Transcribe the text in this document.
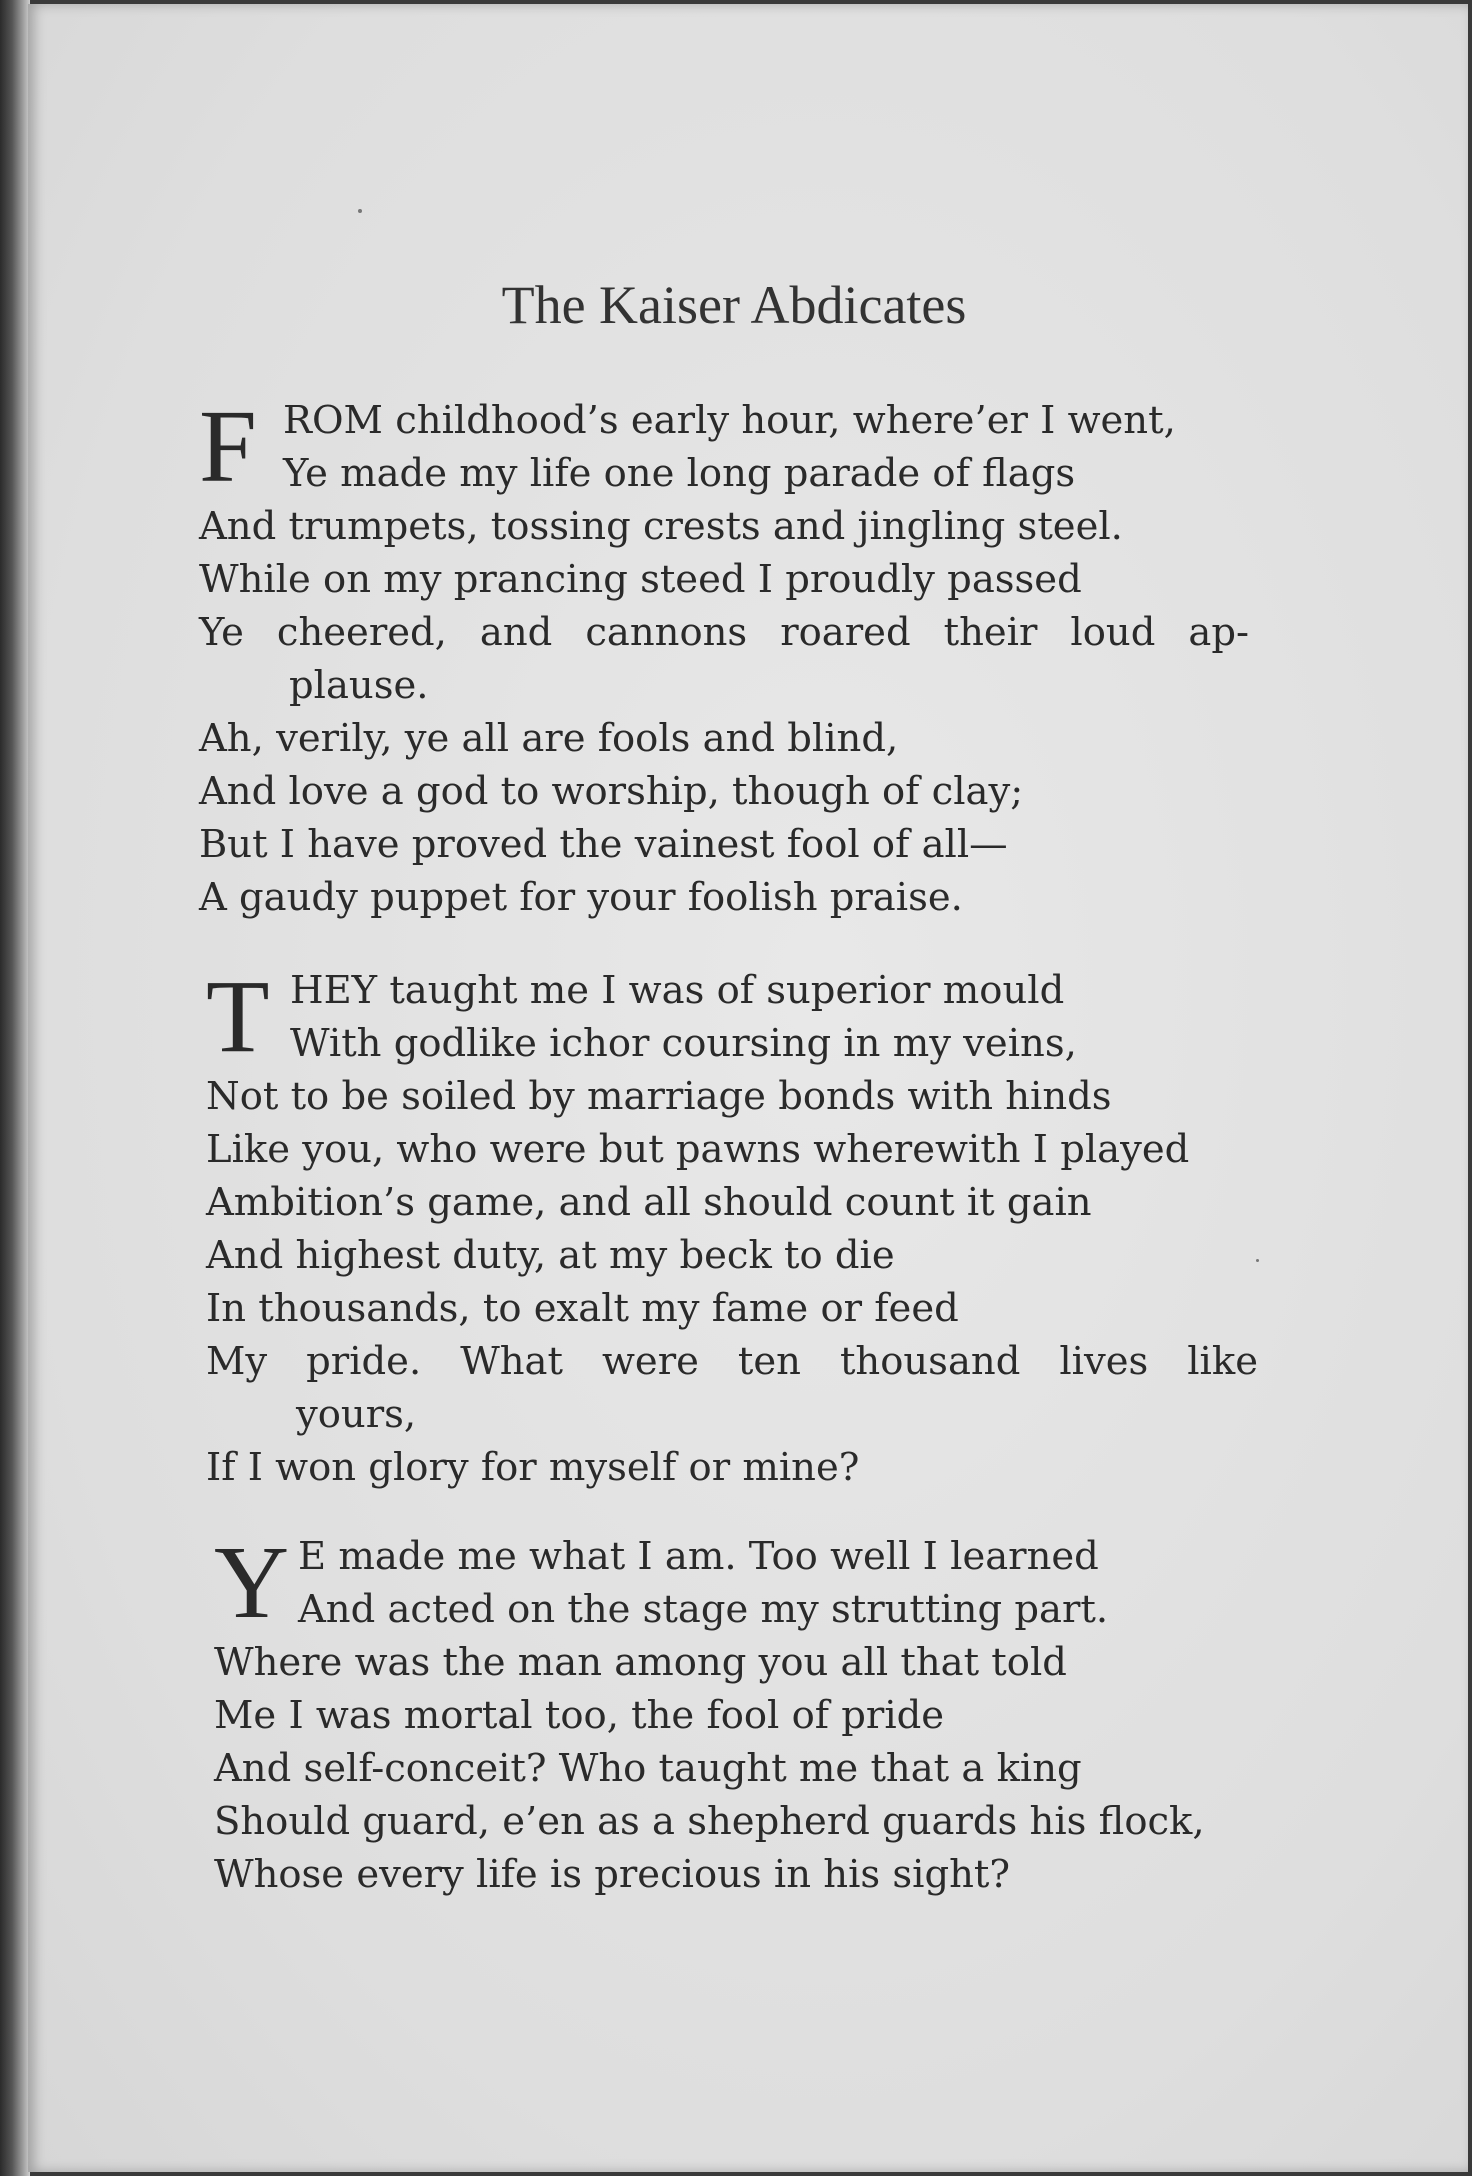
The Kaiser Abdicates
F ROM childhood’s early hour, where’er I went,
Ye made my life one long parade of flags
And trumpets, tossing crests and jingling steel.
While on my prancing steed I proudly passed
Ye cheered, and cannons roared their loud ap-
plause.
Ah, verily, ye all are fools and blind,
And love a god to worship, though of clay;
But I have proved the vainest fool of all—
A gaudy puppet for your foolish praise.
T HEY taught me I was of superior mould
With godlike ichor coursing in my veins,
Not to be soiled by marriage bonds with hinds
Like you, who were but pawns wherewith I played
Ambition’s game, and all should count it gain
And highest duty, at my beck to die
In thousands, to exalt my fame or feed
My pride. What were ten thousand lives like
yours,
If I won glory for myself or mine?
Y E made me what I am. Too well I learned
And acted on the stage my strutting part.
Where was the man among you all that told
Me I was mortal too, the fool of pride
And self-conceit? Who taught me that a king
Should guard, e’en as a shepherd guards his flock,
Whose every life is precious in his sight?
